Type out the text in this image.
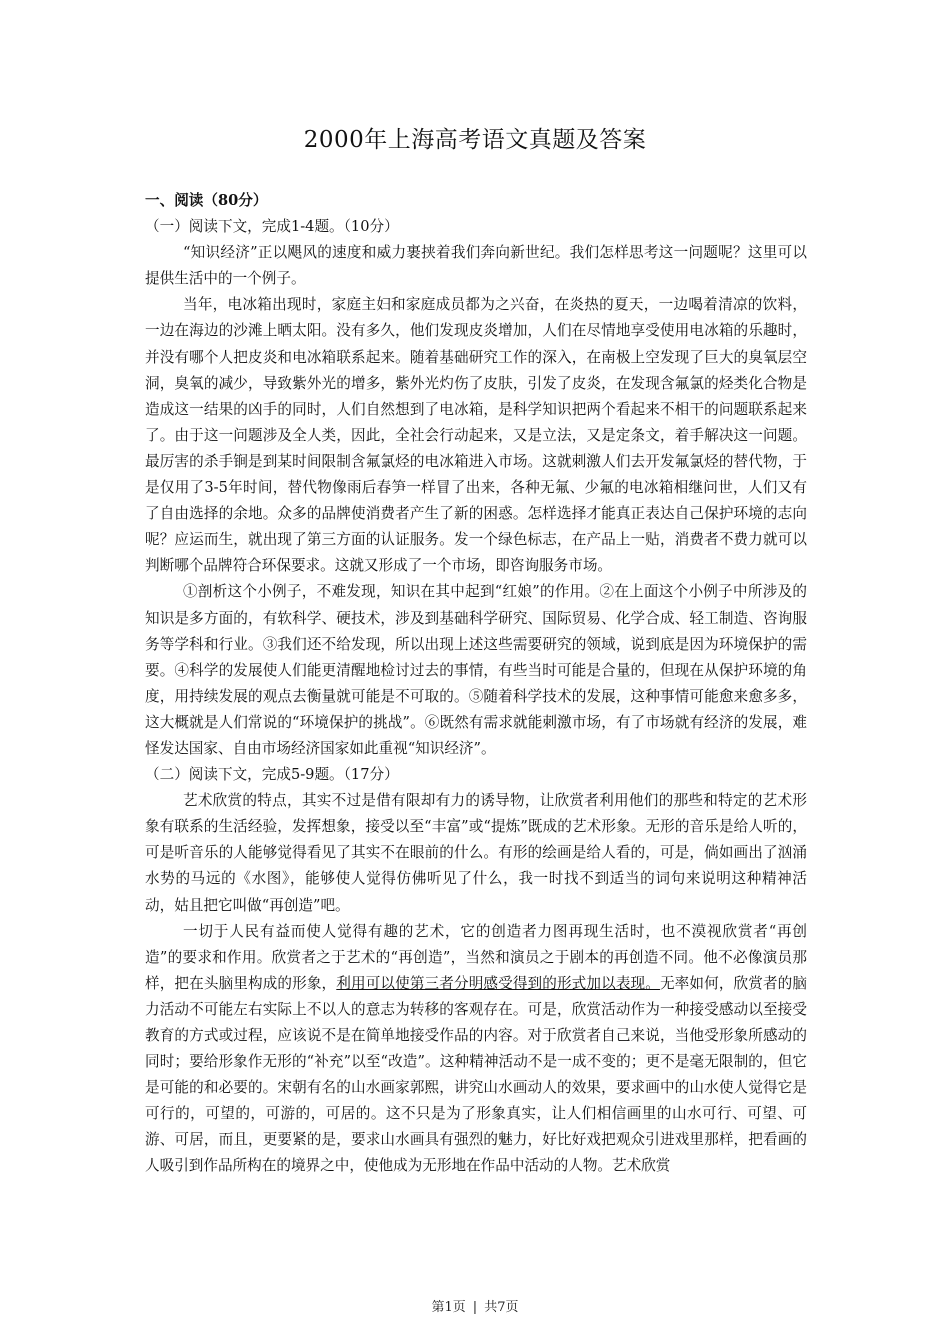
2000年上海高考语文真题及答案

一、阅读（80分）

（一）阅读下文，完成1-4题。（10分）

“知识经济”正以飓风的速度和威力裹挟着我们奔向新世纪。我们怎样思考这一问题呢？这里可以提供生活中的一个例子。

当年，电冰箱出现时，家庭主妇和家庭成员都为之兴奋，在炎热的夏天，一边喝着清凉的饮料，一边在海边的沙滩上晒太阳。没有多久，他们发现皮炎增加，人们在尽情地享受使用电冰箱的乐趣时，并没有哪个人把皮炎和电冰箱联系起来。随着基础研究工作的深入，在南极上空发现了巨大的臭氧层空洞，臭氧的减少，导致紫外光的增多，紫外光灼伤了皮肤，引发了皮炎，在发现含氟氯的烃类化合物是造成这一结果的凶手的同时，人们自然想到了电冰箱，是科学知识把两个看起来不相干的问题联系起来了。由于这一问题涉及全人类，因此，全社会行动起来，又是立法，又是定条文，着手解决这一问题。最厉害的杀手锏是到某时间限制含氟氯烃的电冰箱进入市场。这就刺激人们去开发氟氯烃的替代物，于是仅用了3-5年时间，替代物像雨后春笋一样冒了出来，各种无氟、少氟的电冰箱相继问世，人们又有了自由选择的余地。众多的品牌使消费者产生了新的困惑。怎样选择才能真正表达自己保护环境的志向呢？应运而生，就出现了第三方面的认证服务。发一个绿色标志，在产品上一贴，消费者不费力就可以判断哪个品牌符合环保要求。这就又形成了一个市场，即咨询服务市场。

①剖析这个小例子，不难发现，知识在其中起到“红娘”的作用。②在上面这个小例子中所涉及的知识是多方面的，有软科学、硬技术，涉及到基础科学研究、国际贸易、化学合成、轻工制造、咨询服务等学科和行业。③我们还不给发现，所以出现上述这些需要研究的领域，说到底是因为环境保护的需要。④科学的发展使人们能更清醒地检讨过去的事情，有些当时可能是合量的，但现在从保护环境的角度，用持续发展的观点去衡量就可能是不可取的。⑤随着科学技术的发展，这种事情可能愈来愈多多，这大概就是人们常说的“环境保护的挑战”。⑥既然有需求就能刺激市场，有了市场就有经济的发展，难怪发达国家、自由市场经济国家如此重视“知识经济”。

（二）阅读下文，完成5-9题。（17分）

艺术欣赏的特点，其实不过是借有限却有力的诱导物，让欣赏者利用他们的那些和特定的艺术形象有联系的生活经验，发挥想象，接受以至“丰富”或“提炼”既成的艺术形象。无形的音乐是给人听的，可是听音乐的人能够觉得看见了其实不在眼前的什么。有形的绘画是给人看的，可是，倘如画出了汹涌水势的马远的《水图》，能够使人觉得仿佛听见了什么，我一时找不到适当的词句来说明这种精神活动，姑且把它叫做“再创造”吧。

一切于人民有益而使人觉得有趣的艺术，它的创造者力图再现生活时，也不漠视欣赏者“再创造”的要求和作用。欣赏者之于艺术的“再创造”，当然和演员之于剧本的再创造不同。他不必像演员那样，把在头脑里构成的形象，利用可以使第三者分明感受得到的形式加以表现。无率如何，欣赏者的脑力活动不可能左右实际上不以人的意志为转移的客观存在。可是，欣赏活动作为一种接受感动以至接受教育的方式或过程，应该说不是在简单地接受作品的内容。对于欣赏者自己来说，当他受形象所感动的同时；要给形象作无形的“补充”以至“改造”。这种精神活动不是一成不变的；更不是毫无限制的，但它是可能的和必要的。宋朝有名的山水画家郭熙，讲究山水画动人的效果，要求画中的山水使人觉得它是可行的，可望的，可游的，可居的。这不只是为了形象真实，让人们相信画里的山水可行、可望、可游、可居，而且，更要紧的是，要求山水画具有强烈的魅力，好比好戏把观众引进戏里那样，把看画的人吸引到作品所构在的境界之中，使他成为无形地在作品中活动的人物。艺术欣赏

第1页 | 共7页
